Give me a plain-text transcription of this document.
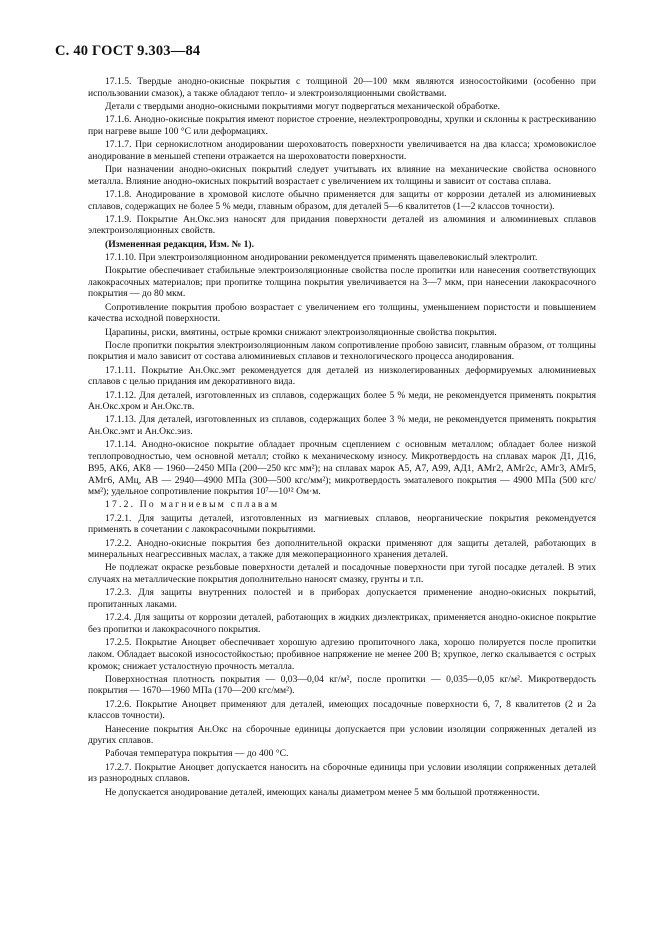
С. 40 ГОСТ 9.303—84

17.1.5. Твердые анодно-окисные покрытия с толщиной 20—100 мкм являются износостойкими (особенно при использовании смазок), а также обладают тепло- и электроизоляционными свойствами.

Детали с твердыми анодно-окисными покрытиями могут подвергаться механической обработке.

17.1.6. Анодно-окисные покрытия имеют пористое строение, неэлектропроводны, хрупки и склонны к растрескиванию при нагреве выше 100 °С или деформациях.

17.1.7. При сернокислотном анодировании шероховатость поверхности увеличивается на два класса; хромовокислое анодирование в меньшей степени отражается на шероховатости поверхности.

При назначении анодно-окисных покрытий следует учитывать их влияние на механические свойства основного металла. Влияние анодно-окисных покрытий возрастает с увеличением их толщины и зависит от состава сплава.

17.1.8. Анодирование в хромовой кислоте обычно применяется для защиты от коррозии деталей из алюминиевых сплавов, содержащих не более 5 % меди, главным образом, для деталей 5—6 квалитетов (1—2 классов точности).

17.1.9. Покрытие Ан.Окс.эиз наносят для придания поверхности деталей из алюминия и алюминиевых сплавов электроизоляционных свойств.

(Измененная редакция, Изм. № 1).

17.1.10. При электроизоляционном анодировании рекомендуется применять щавелевокислый электролит.

Покрытие обеспечивает стабильные электроизоляционные свойства после пропитки или нанесения соответствующих лакокрасочных материалов; при пропитке толщина покрытия увеличивается на 3—7 мкм, при нанесении лакокрасочного покрытия — до 80 мкм.

Сопротивление покрытия пробою возрастает с увеличением его толщины, уменьшением пористости и повышением качества исходной поверхности.

Царапины, риски, вмятины, острые кромки снижают электроизоляционные свойства покрытия.

После пропитки покрытия электроизоляционным лаком сопротивление пробою зависит, главным образом, от толщины покрытия и мало зависит от состава алюминиевых сплавов и технологического процесса анодирования.

17.1.11. Покрытие Ан.Окс.эмт рекомендуется для деталей из низколегированных деформируемых алюминиевых сплавов с целью придания им декоративного вида.

17.1.12. Для деталей, изготовленных из сплавов, содержащих более 5 % меди, не рекомендуется применять покрытия Ан.Окс.хром и Ан.Окс.тв.

17.1.13. Для деталей, изготовленных из сплавов, содержащих более 3 % меди, не рекомендуется применять покрытия Ан.Окс.эмт и Ан.Окс.эиз.

17.1.14. Анодно-окисное покрытие обладает прочным сцеплением с основным металлом; обладает более низкой теплопроводностью, чем основной металл; стойко к механическому износу. Микротвердость на сплавах марок Д1, Д16, В95, АК6, АК8 — 1960—2450 МПа (200—250 кгс мм²); на сплавах марок А5, А7, А99, АД1, АМг2, АМг2с, АМг3, АМг5, АМг6, АМц, АВ — 2940—4900 МПа (300—500 кгс/мм²); микротвердость эматалевого покрытия — 4900 МПа (500 кгс/мм²); удельное сопротивление покрытия 10⁷—10¹² Ом·м.

17.2. По магниевым сплавам

17.2.1. Для защиты деталей, изготовленных из магниевых сплавов, неорганические покрытия рекомендуется применять в сочетании с лакокрасочными покрытиями.

17.2.2. Анодно-окисные покрытия без дополнительной окраски применяют для защиты деталей, работающих в минеральных неагрессивных маслах, а также для межоперационного хранения деталей.

Не подлежат окраске резьбовые поверхности деталей и посадочные поверхности при тугой посадке деталей. В этих случаях на металлические покрытия дополнительно наносят смазку, грунты и т.п.

17.2.3. Для защиты внутренних полостей и в приборах допускается применение анодно-окисных покрытий, пропитанных лаками.

17.2.4. Для защиты от коррозии деталей, работающих в жидких диэлектриках, применяется анодно-окисное покрытие без пропитки и лакокрасочного покрытия.

17.2.5. Покрытие Аноцвет обеспечивает хорошую адгезию пропиточного лака, хорошо полируется после пропитки лаком. Обладает высокой износостойкостью; пробивное напряжение не менее 200 В; хрупкое, легко скалывается с острых кромок; снижает усталостную прочность металла.

Поверхностная плотность покрытия — 0,03—0,04 кг/м², после пропитки — 0,035—0,05 кг/м². Микротвердость покрытия — 1670—1960 МПа (170—200 кгс/мм²).

17.2.6. Покрытие Аноцвет применяют для деталей, имеющих посадочные поверхности 6, 7, 8 квалитетов (2 и 2а классов точности).

Нанесение покрытия Ан.Окс на сборочные единицы допускается при условии изоляции сопряженных деталей из других сплавов.

Рабочая температура покрытия — до 400 °С.

17.2.7. Покрытие Аноцвет допускается наносить на сборочные единицы при условии изоляции сопряженных деталей из разнородных сплавов.

Не допускается анодирование деталей, имеющих каналы диаметром менее 5 мм большой протяженности.
